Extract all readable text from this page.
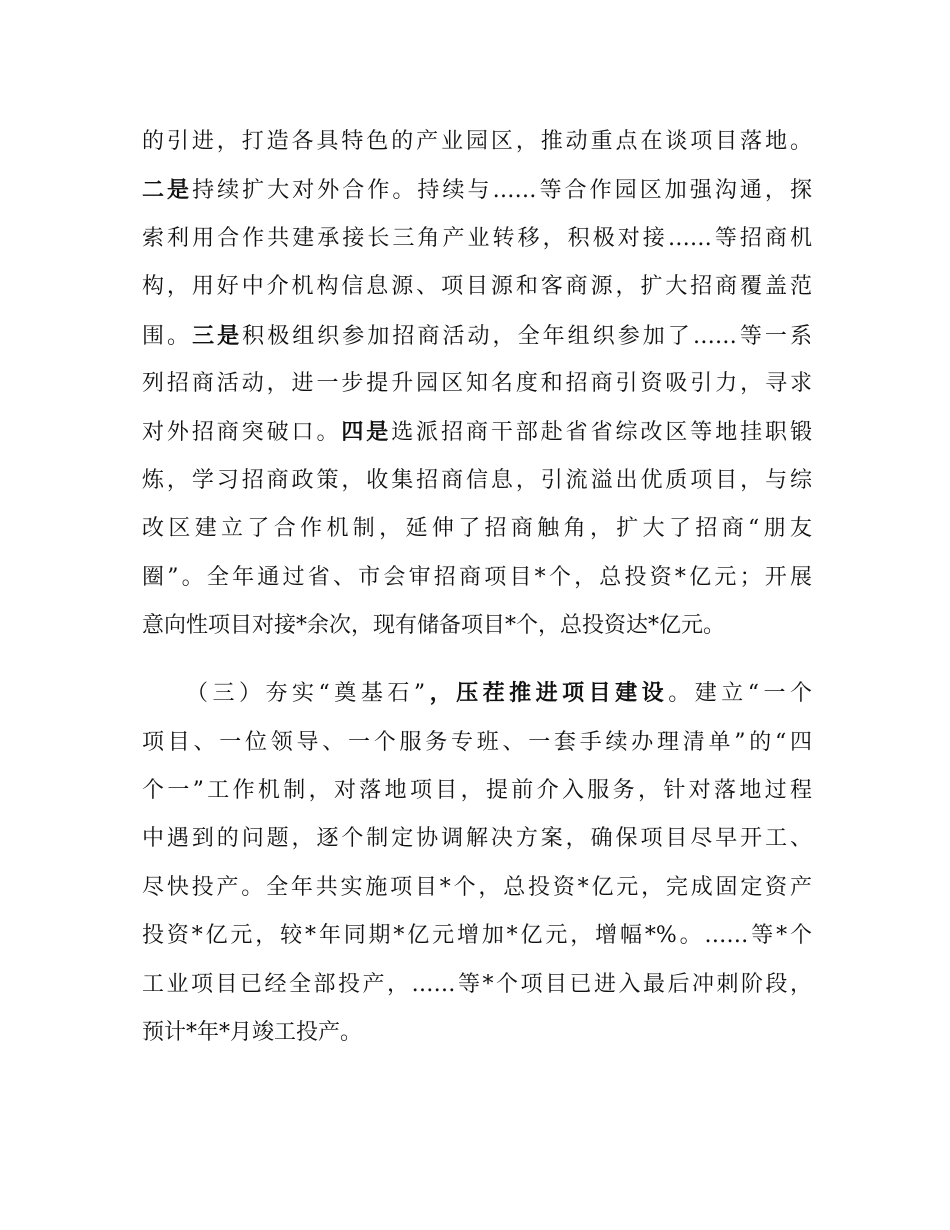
的引进，打造各具特色的产业园区，推动重点在谈项目落地。
二是持续扩大对外合作。持续与……等合作园区加强沟通，探
索利用合作共建承接长三角产业转移，积极对接……等招商机
构，用好中介机构信息源、项目源和客商源，扩大招商覆盖范
围。三是积极组织参加招商活动，全年组织参加了……等一系
列招商活动，进一步提升园区知名度和招商引资吸引力，寻求
对外招商突破口。四是选派招商干部赴省省综改区等地挂职锻
炼，学习招商政策，收集招商信息，引流溢出优质项目，与综
改区建立了合作机制，延伸了招商触角，扩大了招商“朋友
圈”。全年通过省、市会审招商项目*个，总投资*亿元；开展
意向性项目对接*余次，现有储备项目*个，总投资达*亿元。
（三）夯实“奠基石”，压茬推进项目建设。建立“一个
项目、一位领导、一个服务专班、一套手续办理清单”的“四
个一”工作机制，对落地项目，提前介入服务，针对落地过程
中遇到的问题，逐个制定协调解决方案，确保项目尽早开工、
尽快投产。全年共实施项目*个，总投资*亿元，完成固定资产
投资*亿元，较*年同期*亿元增加*亿元，增幅*%。……等*个
工业项目已经全部投产，……等*个项目已进入最后冲刺阶段，
预计*年*月竣工投产。
